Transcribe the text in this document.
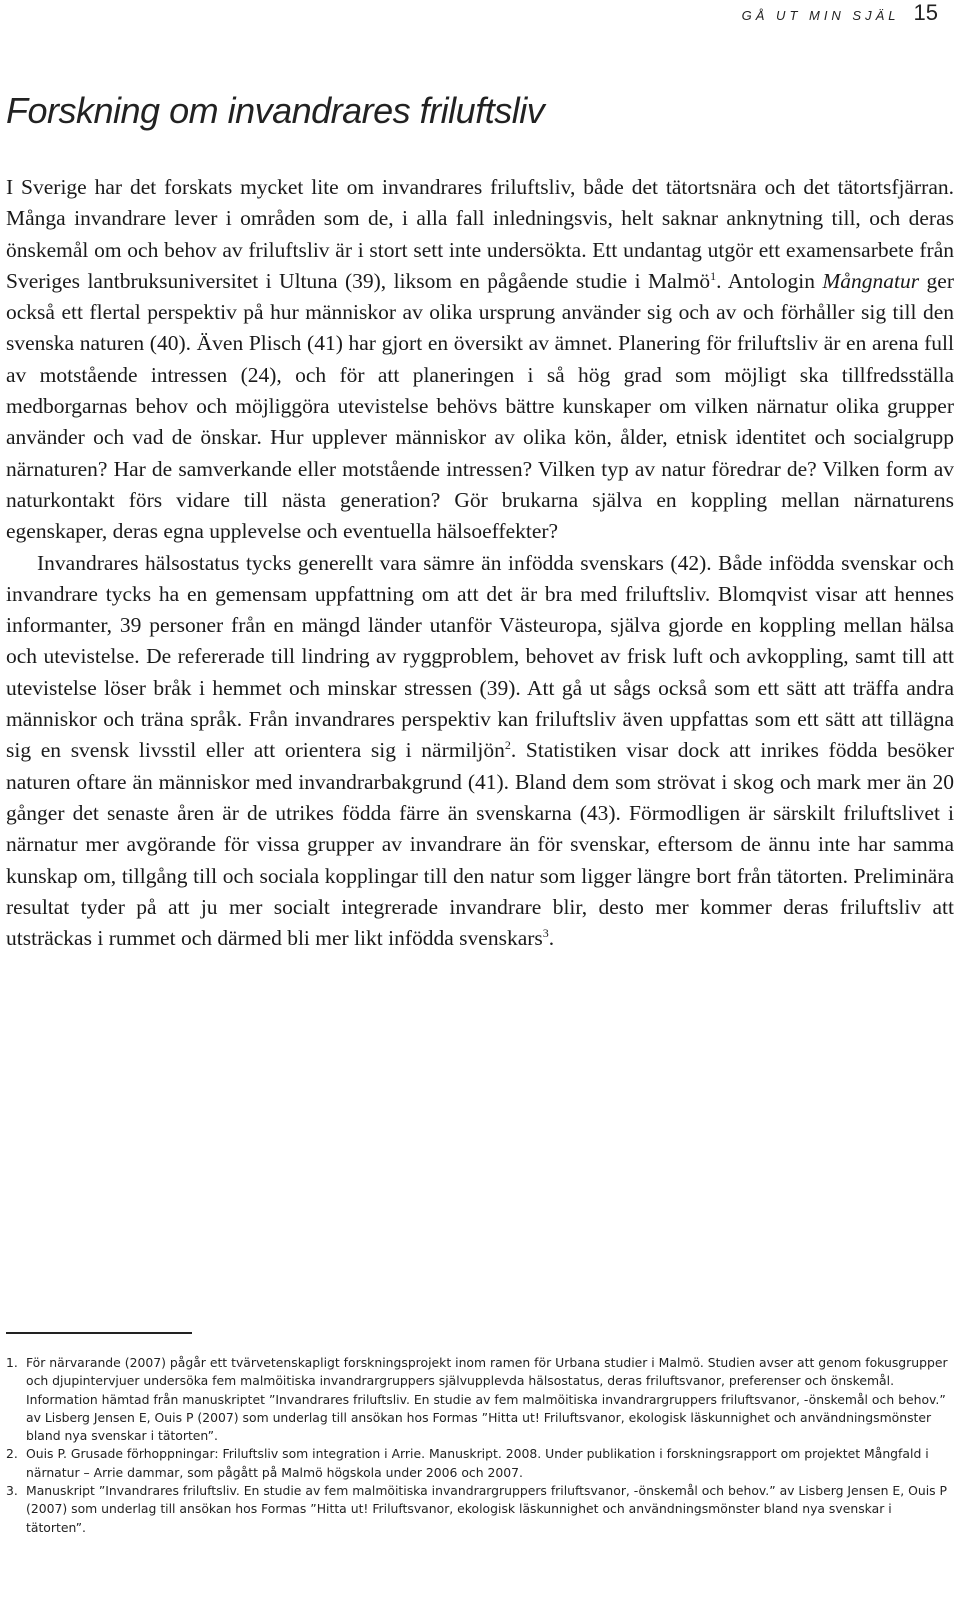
GÅ UT MIN SJÄL 15
Forskning om invandrares friluftsliv

I Sverige har det forskats mycket lite om invandrares friluftsliv, både det tätortsnära och det tätortsfjärran. Många invandrare lever i områden som de, i alla fall inledningsvis, helt saknar anknytning till, och deras önskemål om och behov av friluftsliv är i stort sett inte undersökta. Ett undantag utgör ett examensarbete från Sveriges lantbruksuniversitet i Ultuna (39), liksom en pågående studie i Malmö$^1$. Antologin Mångnatur ger också ett flertal perspektiv på hur människor av olika ursprung använder sig och av och förhåller sig till den svenska naturen (40). Även Plisch (41) har gjort en översikt av ämnet. Planering för friluftsliv är en arena full av motstående intressen (24), och för att planeringen i så hög grad som möjligt ska tillfredsställa medborgarnas behov och möjliggöra utevistelse behövs bättre kunskaper om vilken närnatur olika grupper använder och vad de önskar. Hur upplever människor av olika kön, ålder, etnisk identitet och socialgrupp närnaturen? Har de samverkande eller motstående intressen? Vilken typ av natur föredrar de? Vilken form av naturkontakt förs vidare till nästa generation? Gör brukarna själva en koppling mellan närnaturens egenskaper, deras egna upplevelse och eventuella hälsoeffekter?

Invandrares hälsostatus tycks generellt vara sämre än infödda svenskars (42). Både infödda svenskar och invandrare tycks ha en gemensam uppfattning om att det är bra med friluftsliv. Blomqvist visar att hennes informanter, 39 personer från en mängd länder utanför Västeuropa, själva gjorde en koppling mellan hälsa och utevistelse. De refererade till lindring av ryggproblem, behovet av frisk luft och avkoppling, samt till att utevistelse löser bråk i hemmet och minskar stressen (39). Att gå ut sågs också som ett sätt att träffa andra människor och träna språk. Från invandrares perspektiv kan friluftsliv även uppfattas som ett sätt att tillägna sig en svensk livsstil eller att orientera sig i närmiljön$^2$. Statistiken visar dock att inrikes födda besöker naturen oftare än människor med invandrarbakgrund (41). Bland dem som strövat i skog och mark mer än 20 gånger det senaste åren är de utrikes födda färre än svenskarna (43). Förmodligen är särskilt friluftslivet i närnatur mer avgörande för vissa grupper av invandrare än för svenskar, eftersom de ännu inte har samma kunskap om, tillgång till och sociala kopplingar till den natur som ligger längre bort från tätorten. Preliminära resultat tyder på att ju mer socialt integrerade invandrare blir, desto mer kommer deras friluftsliv att utsträckas i rummet och därmed bli mer likt infödda svenskars$^3$.

1. För närvarande (2007) pågår ett tvärvetenskapligt forskningsprojekt inom ramen för Urbana studier i Malmö. Studien avser att genom fokusgrupper och djupintervjuer undersöka fem malmöitiska invandrargruppers självupplevda hälsostatus, deras friluftsvanor, preferenser och önskemål. Information hämtad från manuskriptet ”Invandrares friluftsliv. En studie av fem malmöitiska invandrargruppers friluftsvanor, -önskemål och behov.” av Lisberg Jensen E, Ouis P (2007) som underlag till ansökan hos Formas ”Hitta ut! Friluftsvanor, ekologisk läskunnighet och användningsmönster bland nya svenskar i tätorten”.
2. Ouis P. Grusade förhoppningar: Friluftsliv som integration i Arrie. Manuskript. 2008. Under publikation i forskningsrapport om projektet Mångfald i närnatur – Arrie dammar, som pågått på Malmö högskola under 2006 och 2007.
3. Manuskript ”Invandrares friluftsliv. En studie av fem malmöitiska invandrargruppers friluftsvanor, -önskemål och behov.” av Lisberg Jensen E, Ouis P (2007) som underlag till ansökan hos Formas ”Hitta ut! Friluftsvanor, ekologisk läskunnighet och användningsmönster bland nya svenskar i tätorten”.
